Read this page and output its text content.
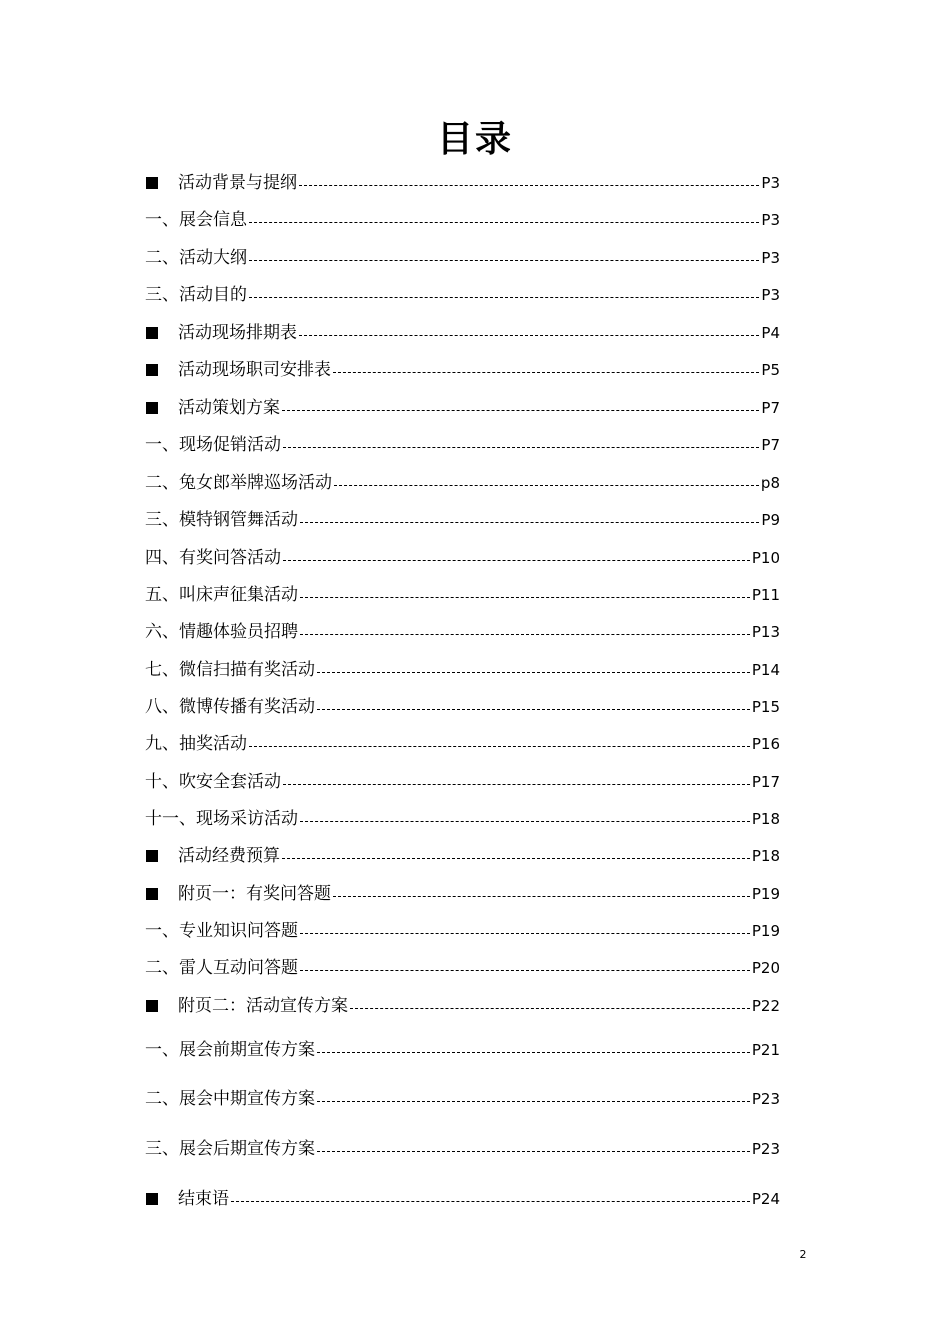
目录
活动背景与提纲	P3
一、展会信息	P3
二、活动大纲	P3
三、活动目的	P3
活动现场排期表	P4
活动现场职司安排表	P5
活动策划方案	P7
一、现场促销活动	P7
二、兔女郎举牌巡场活动	p8
三、模特钢管舞活动	P9
四、有奖问答活动	P10
五、叫床声征集活动	P11
六、情趣体验员招聘	P13
七、微信扫描有奖活动	P14
八、微博传播有奖活动	P15
九、抽奖活动	P16
十、吹安全套活动	P17
十一、现场采访活动	P18
活动经费预算	P18
附页一：有奖问答题	P19
一、专业知识问答题	P19
二、雷人互动问答题	P20
附页二：活动宣传方案	P22
一、展会前期宣传方案	P21
二、展会中期宣传方案	P23
三、展会后期宣传方案	P23
结束语	P24
2
